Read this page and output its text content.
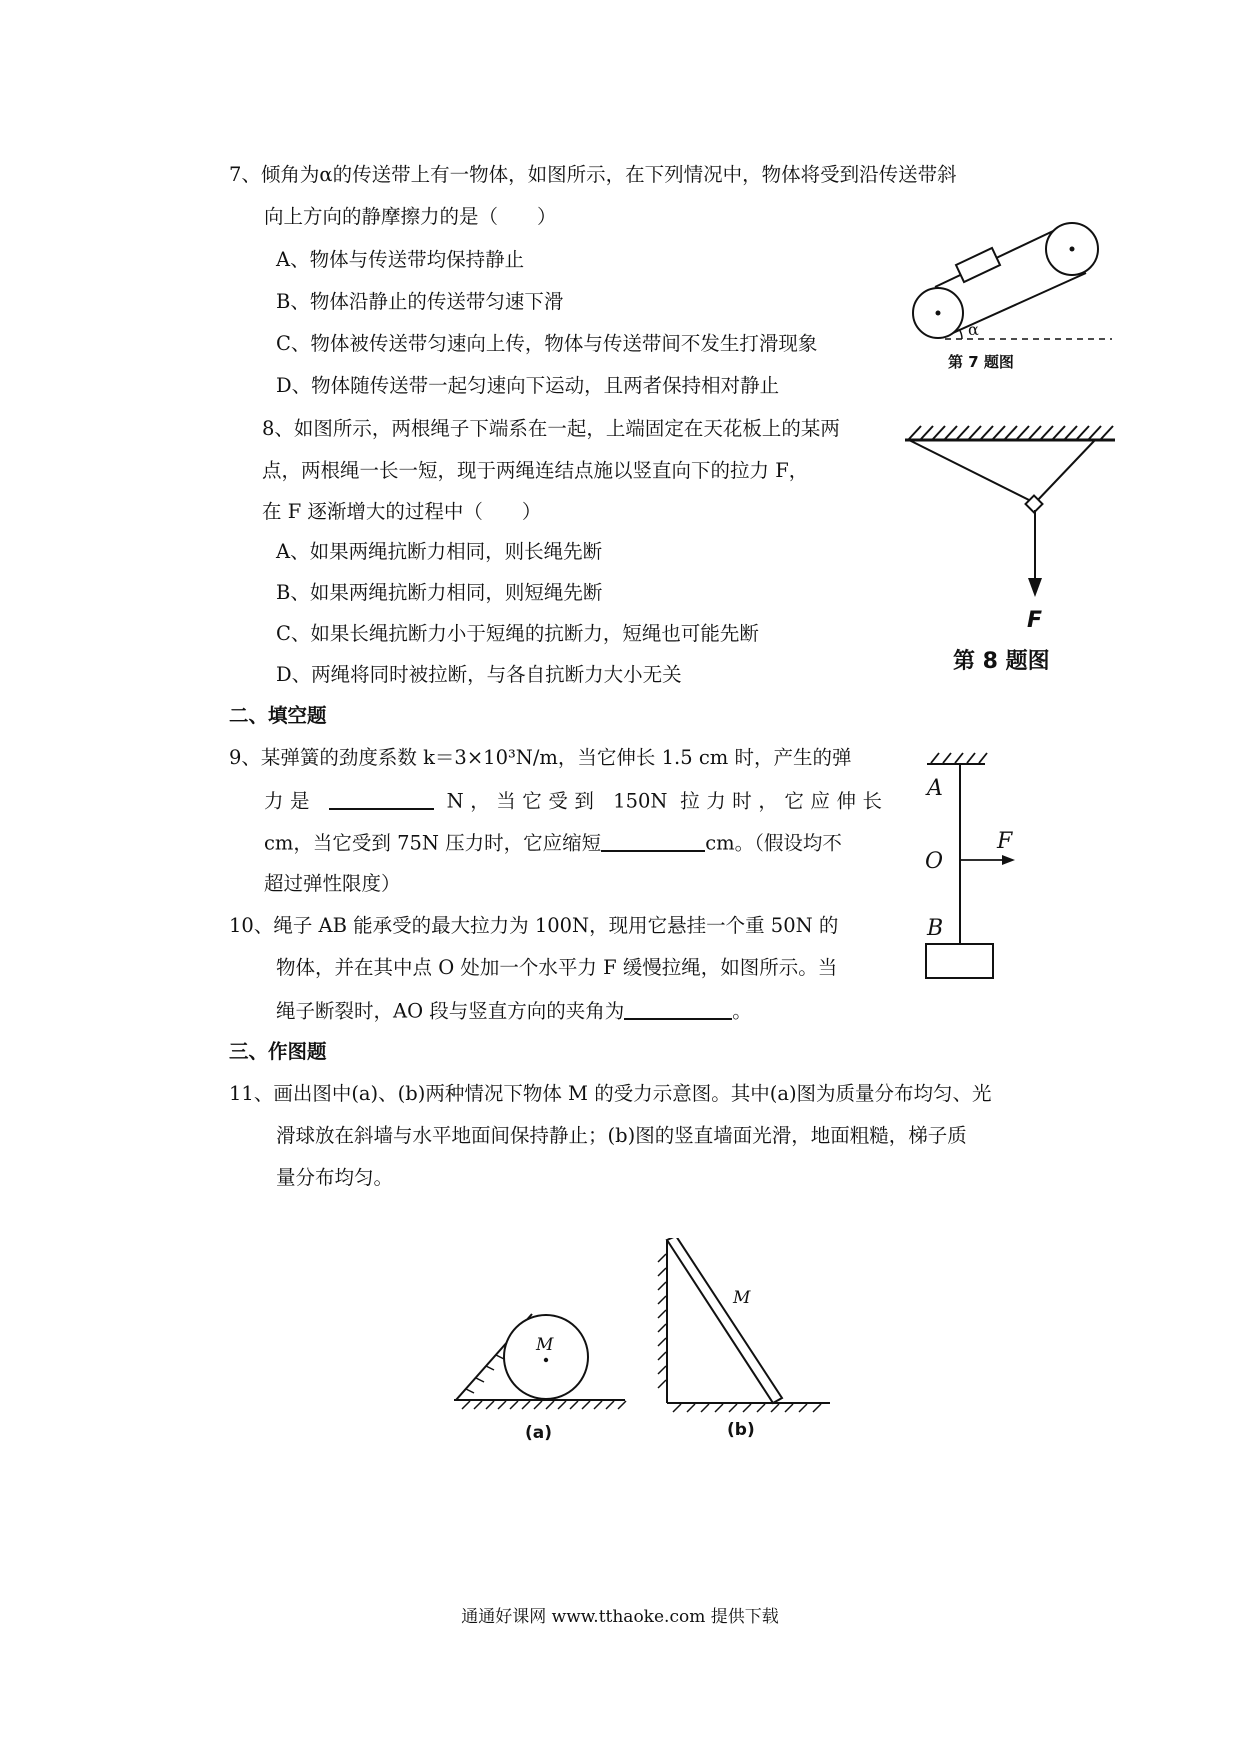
7、倾角为α的传送带上有一物体，如图所示，在下列情况中，物体将受到沿传送带斜
向上方向的静摩擦力的是（　　）
A、物体与传送带均保持静止
B、物体沿静止的传送带匀速下滑
C、物体被传送带匀速向上传，物体与传送带间不发生打滑现象
D、物体随传送带一起匀速向下运动，且两者保持相对静止
α
第 7 题图
8、如图所示，两根绳子下端系在一起，上端固定在天花板上的某两
点，两根绳一长一短，现于两绳连结点施以竖直向下的拉力 F，
在 F 逐渐增大的过程中（　　）
A、如果两绳抗断力相同，则长绳先断
B、如果两绳抗断力相同，则短绳先断
C、如果长绳抗断力小于短绳的抗断力，短绳也可能先断
D、两绳将同时被拉断，与各自抗断力大小无关
F
第 8 题图
二、填空题
9、某弹簧的劲度系数 k＝3×10³N/m，当它伸长 1.5 cm 时，产生的弹
力是	N，当它受到 150N 拉力时，它应伸长
cm，当它受到 75N 压力时，它应缩短	cm。（假设均不
超过弹性限度）
10、绳子 AB 能承受的最大拉力为 100N，现用它悬挂一个重 50N 的
物体，并在其中点 O 处加一个水平力 F 缓慢拉绳，如图所示。当
绳子断裂时，AO 段与竖直方向的夹角为	。
A
O
B
F
三、作图题
11、画出图中(a)、(b)两种情况下物体 M 的受力示意图。其中(a)图为质量分布均匀、光
滑球放在斜墙与水平地面间保持静止；(b)图的竖直墙面光滑，地面粗糙，梯子质
量分布均匀。
M
(a)
M
(b)
通通好课网 www.tthaoke.com 提供下载
